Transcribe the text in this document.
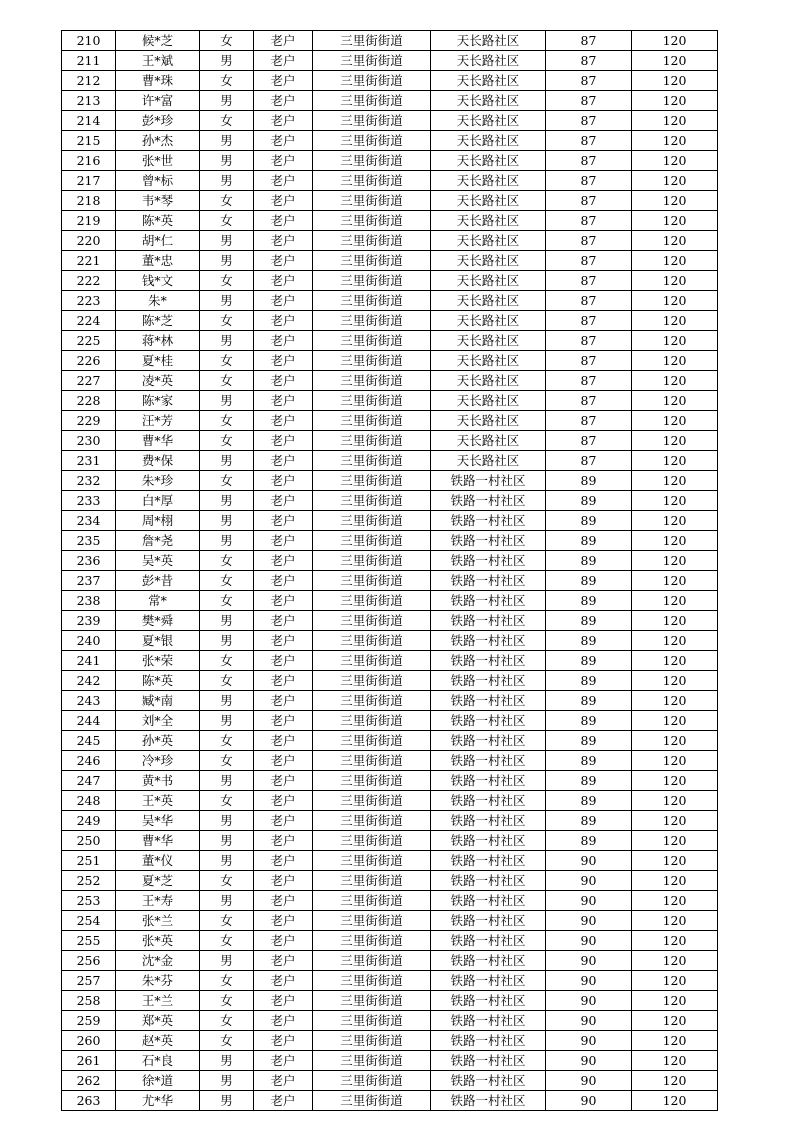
210	候*芝	女	老户	三里街街道	天长路社区	87	120
211	王*斌	男	老户	三里街街道	天长路社区	87	120
212	曹*珠	女	老户	三里街街道	天长路社区	87	120
213	许*富	男	老户	三里街街道	天长路社区	87	120
214	彭*珍	女	老户	三里街街道	天长路社区	87	120
215	孙*杰	男	老户	三里街街道	天长路社区	87	120
216	张*世	男	老户	三里街街道	天长路社区	87	120
217	曾*标	男	老户	三里街街道	天长路社区	87	120
218	韦*琴	女	老户	三里街街道	天长路社区	87	120
219	陈*英	女	老户	三里街街道	天长路社区	87	120
220	胡*仁	男	老户	三里街街道	天长路社区	87	120
221	董*忠	男	老户	三里街街道	天长路社区	87	120
222	钱*文	女	老户	三里街街道	天长路社区	87	120
223	朱*	男	老户	三里街街道	天长路社区	87	120
224	陈*芝	女	老户	三里街街道	天长路社区	87	120
225	蒋*林	男	老户	三里街街道	天长路社区	87	120
226	夏*桂	女	老户	三里街街道	天长路社区	87	120
227	凌*英	女	老户	三里街街道	天长路社区	87	120
228	陈*家	男	老户	三里街街道	天长路社区	87	120
229	汪*芳	女	老户	三里街街道	天长路社区	87	120
230	曹*华	女	老户	三里街街道	天长路社区	87	120
231	费*保	男	老户	三里街街道	天长路社区	87	120
232	朱*珍	女	老户	三里街街道	铁路一村社区	89	120
233	白*厚	男	老户	三里街街道	铁路一村社区	89	120
234	周*栩	男	老户	三里街街道	铁路一村社区	89	120
235	詹*尧	男	老户	三里街街道	铁路一村社区	89	120
236	吴*英	女	老户	三里街街道	铁路一村社区	89	120
237	彭*昔	女	老户	三里街街道	铁路一村社区	89	120
238	常*	女	老户	三里街街道	铁路一村社区	89	120
239	樊*舜	男	老户	三里街街道	铁路一村社区	89	120
240	夏*银	男	老户	三里街街道	铁路一村社区	89	120
241	张*荣	女	老户	三里街街道	铁路一村社区	89	120
242	陈*英	女	老户	三里街街道	铁路一村社区	89	120
243	臧*南	男	老户	三里街街道	铁路一村社区	89	120
244	刘*全	男	老户	三里街街道	铁路一村社区	89	120
245	孙*英	女	老户	三里街街道	铁路一村社区	89	120
246	冷*珍	女	老户	三里街街道	铁路一村社区	89	120
247	黄*书	男	老户	三里街街道	铁路一村社区	89	120
248	王*英	女	老户	三里街街道	铁路一村社区	89	120
249	吴*华	男	老户	三里街街道	铁路一村社区	89	120
250	曹*华	男	老户	三里街街道	铁路一村社区	89	120
251	董*仪	男	老户	三里街街道	铁路一村社区	90	120
252	夏*芝	女	老户	三里街街道	铁路一村社区	90	120
253	王*寿	男	老户	三里街街道	铁路一村社区	90	120
254	张*兰	女	老户	三里街街道	铁路一村社区	90	120
255	张*英	女	老户	三里街街道	铁路一村社区	90	120
256	沈*金	男	老户	三里街街道	铁路一村社区	90	120
257	朱*芬	女	老户	三里街街道	铁路一村社区	90	120
258	王*兰	女	老户	三里街街道	铁路一村社区	90	120
259	郑*英	女	老户	三里街街道	铁路一村社区	90	120
260	赵*英	女	老户	三里街街道	铁路一村社区	90	120
261	石*良	男	老户	三里街街道	铁路一村社区	90	120
262	徐*道	男	老户	三里街街道	铁路一村社区	90	120
263	尤*华	男	老户	三里街街道	铁路一村社区	90	120
